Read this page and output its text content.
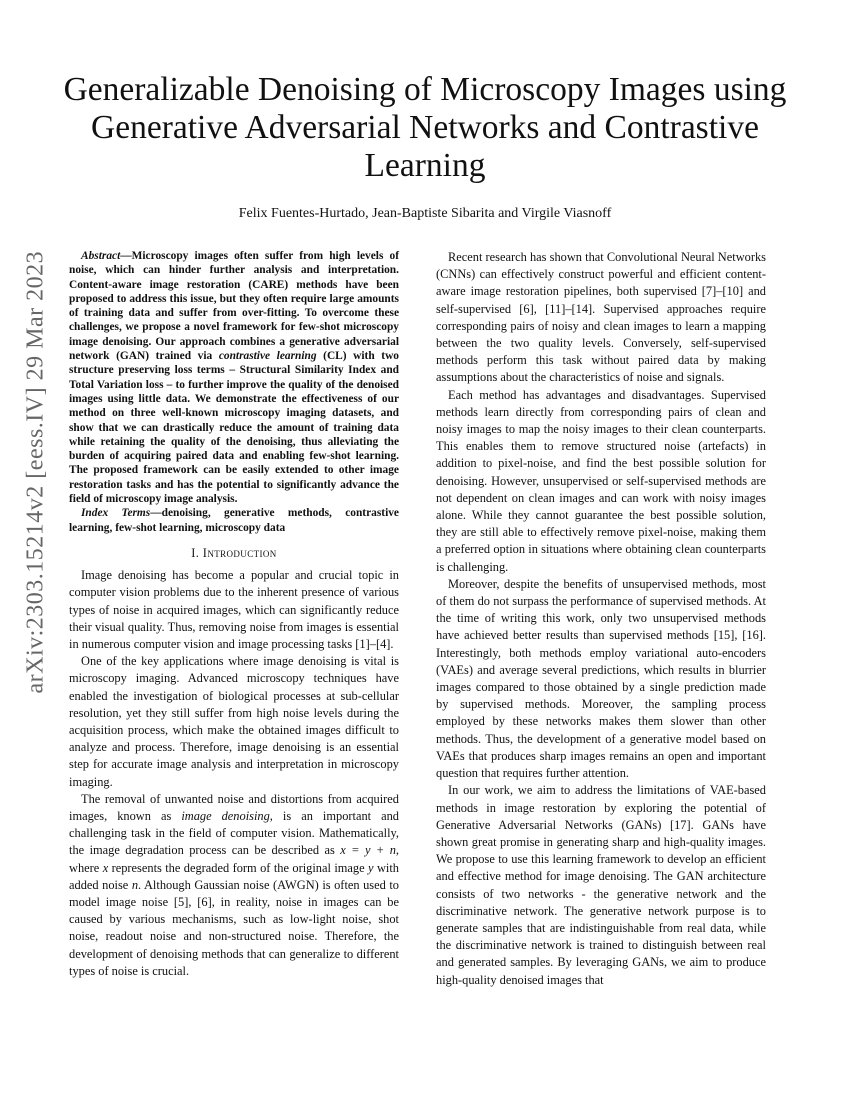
arXiv:2303.15214v2 [eess.IV] 29 Mar 2023
Generalizable Denoising of Microscopy Images using Generative Adversarial Networks and Contrastive Learning
Felix Fuentes-Hurtado, Jean-Baptiste Sibarita and Virgile Viasnoff
Abstract—Microscopy images often suffer from high levels of noise, which can hinder further analysis and interpretation. Content-aware image restoration (CARE) methods have been proposed to address this issue, but they often require large amounts of training data and suffer from over-fitting. To overcome these challenges, we propose a novel framework for few-shot microscopy image denoising. Our approach combines a generative adversarial network (GAN) trained via contrastive learning (CL) with two structure preserving loss terms – Structural Similarity Index and Total Variation loss – to further improve the quality of the denoised images using little data. We demonstrate the effectiveness of our method on three well-known microscopy imaging datasets, and show that we can drastically reduce the amount of training data while retaining the quality of the denoising, thus alleviating the burden of acquiring paired data and enabling few-shot learning. The proposed framework can be easily extended to other image restoration tasks and has the potential to significantly advance the field of microscopy image analysis.
Index Terms—denoising, generative methods, contrastive learning, few-shot learning, microscopy data
I. Introduction

Image denoising has become a popular and crucial topic in computer vision problems due to the inherent presence of various types of noise in acquired images, which can significantly reduce their visual quality. Thus, removing noise from images is essential in numerous computer vision and image processing tasks [1]–[4].

One of the key applications where image denoising is vital is microscopy imaging. Advanced microscopy techniques have enabled the investigation of biological processes at sub-cellular resolution, yet they still suffer from high noise levels during the acquisition process, which make the obtained images difficult to analyze and process. Therefore, image denoising is an essential step for accurate image analysis and interpretation in microscopy imaging.

The removal of unwanted noise and distortions from acquired images, known as image denoising, is an important and challenging task in the field of computer vision. Mathematically, the image degradation process can be described as x = y + n, where x represents the degraded form of the original image y with added noise n. Although Gaussian noise (AWGN) is often used to model image noise [5], [6], in reality, noise in images can be caused by various mechanisms, such as low-light noise, shot noise, readout noise and non-structured noise. Therefore, the development of denoising methods that can generalize to different types of noise is crucial.

Recent research has shown that Convolutional Neural Networks (CNNs) can effectively construct powerful and efficient content-aware image restoration pipelines, both supervised [7]–[10] and self-supervised [6], [11]–[14]. Supervised approaches require corresponding pairs of noisy and clean images to learn a mapping between the two quality levels. Conversely, self-supervised methods perform this task without paired data by making assumptions about the characteristics of noise and signals.

Each method has advantages and disadvantages. Supervised methods learn directly from corresponding pairs of clean and noisy images to map the noisy images to their clean counterparts. This enables them to remove structured noise (artefacts) in addition to pixel-noise, and find the best possible solution for denoising. However, unsupervised or self-supervised methods are not dependent on clean images and can work with noisy images alone. While they cannot guarantee the best possible solution, they are still able to effectively remove pixel-noise, making them a preferred option in situations where obtaining clean counterparts is challenging.

Moreover, despite the benefits of unsupervised methods, most of them do not surpass the performance of supervised methods. At the time of writing this work, only two unsupervised methods have achieved better results than supervised methods [15], [16]. Interestingly, both methods employ variational auto-encoders (VAEs) and average several predictions, which results in blurrier images compared to those obtained by a single prediction made by supervised methods. Moreover, the sampling process employed by these networks makes them slower than other methods. Thus, the development of a generative model based on VAEs that produces sharp images remains an open and important question that requires further attention.

In our work, we aim to address the limitations of VAE-based methods in image restoration by exploring the potential of Generative Adversarial Networks (GANs) [17]. GANs have shown great promise in generating sharp and high-quality images. We propose to use this learning framework to develop an efficient and effective method for image denoising. The GAN architecture consists of two networks - the generative network and the discriminative network. The generative network purpose is to generate samples that are indistinguishable from real data, while the discriminative network is trained to distinguish between real and generated samples. By leveraging GANs, we aim to produce high-quality denoised images that
